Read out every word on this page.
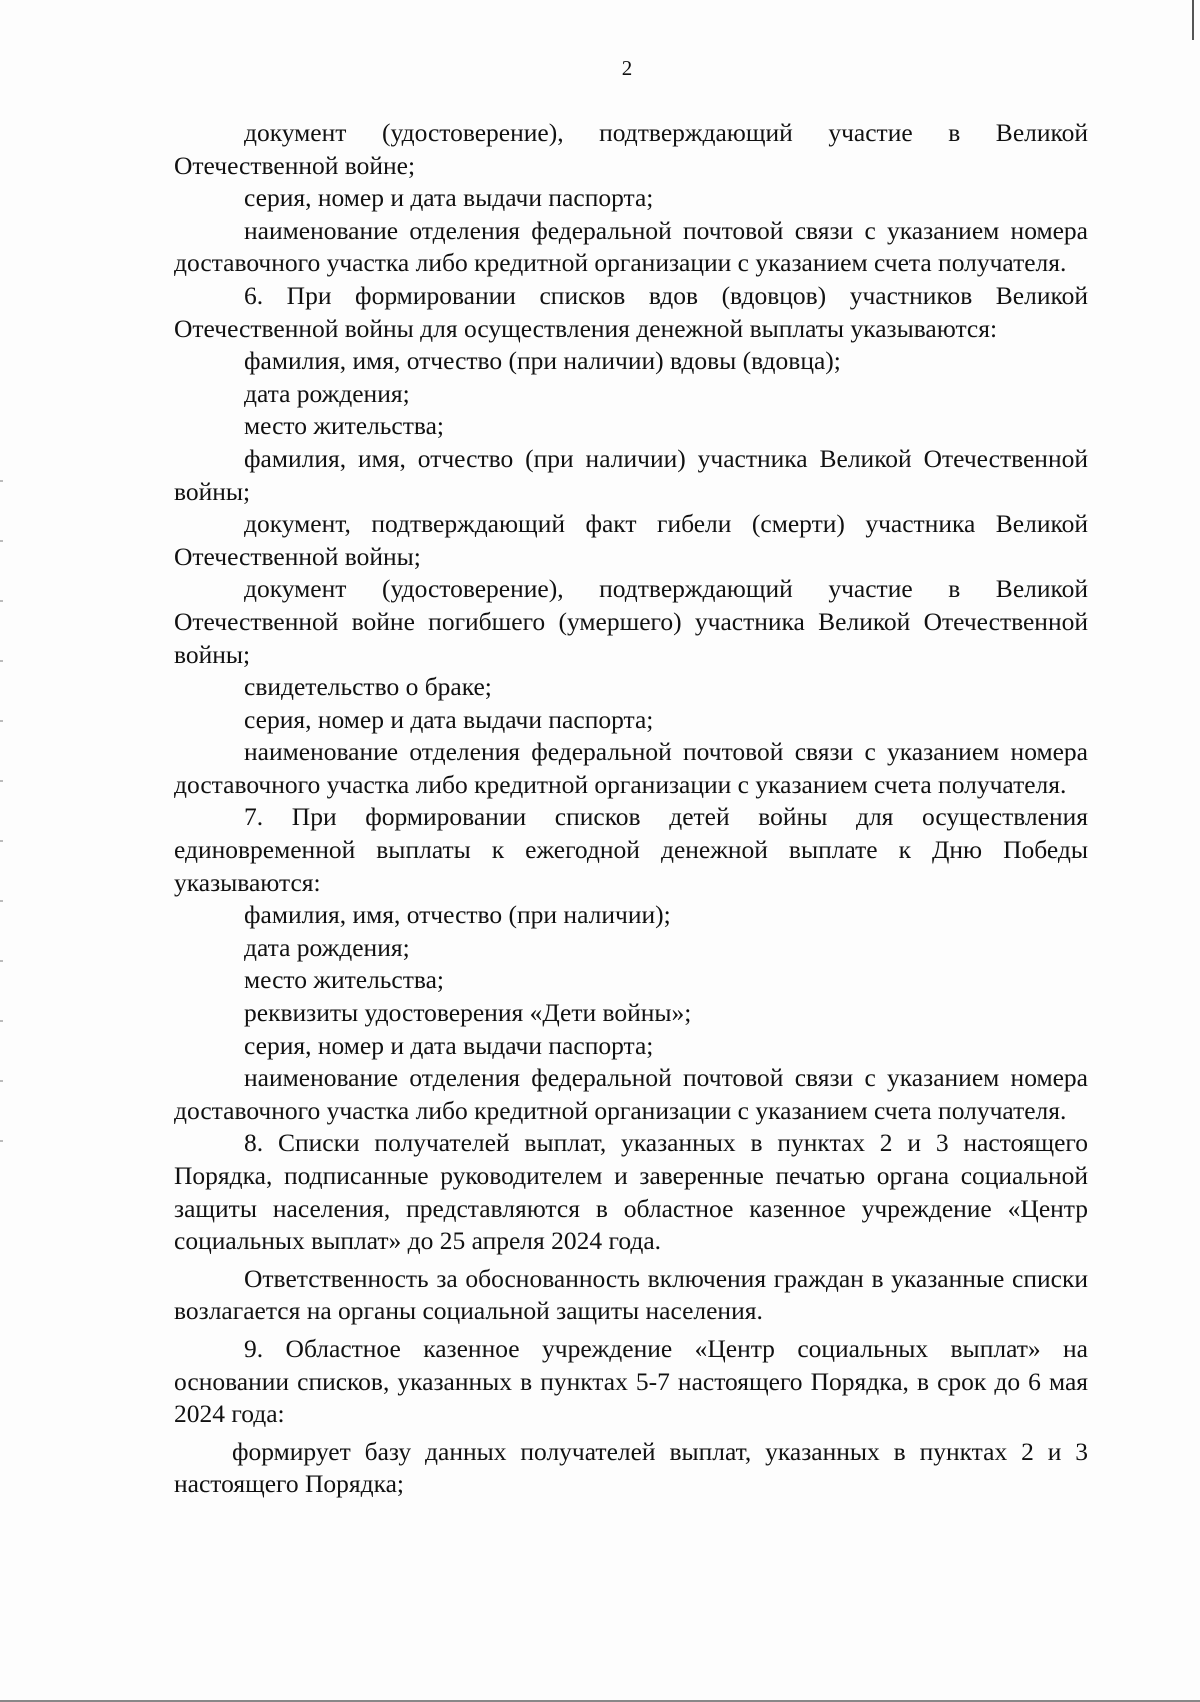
2

документ (удостоверение), подтверждающий участие в Великой Отечественной войне;

серия, номер и дата выдачи паспорта;

наименование отделения федеральной почтовой связи с указанием номера доставочного участка либо кредитной организации с указанием счета получателя.

6. При формировании списков вдов (вдовцов) участников Великой Отечественной войны для осуществления денежной выплаты указываются:

фамилия, имя, отчество (при наличии) вдовы (вдовца);

дата рождения;

место жительства;

фамилия, имя, отчество (при наличии) участника Великой Отечественной войны;

документ, подтверждающий факт гибели (смерти) участника Великой Отечественной войны;

документ (удостоверение), подтверждающий участие в Великой Отечественной войне погибшего (умершего) участника Великой Отечественной войны;

свидетельство о браке;

серия, номер и дата выдачи паспорта;

наименование отделения федеральной почтовой связи с указанием номера доставочного участка либо кредитной организации с указанием счета получателя.

7. При формировании списков детей войны для осуществления единовременной выплаты к ежегодной денежной выплате к Дню Победы указываются:

фамилия, имя, отчество (при наличии);

дата рождения;

место жительства;

реквизиты удостоверения «Дети войны»;

серия, номер и дата выдачи паспорта;

наименование отделения федеральной почтовой связи с указанием номера доставочного участка либо кредитной организации с указанием счета получателя.

8. Списки получателей выплат, указанных в пунктах 2 и 3 настоящего Порядка, подписанные руководителем и заверенные печатью органа социальной защиты населения, представляются в областное казенное учреждение «Центр социальных выплат» до 25 апреля 2024 года.

Ответственность за обоснованность включения граждан в указанные списки возлагается на органы социальной защиты населения.

9. Областное казенное учреждение «Центр социальных выплат» на основании списков, указанных в пунктах 5-7 настоящего Порядка, в срок до 6 мая 2024 года:

формирует базу данных получателей выплат, указанных в пунктах 2 и 3 настоящего Порядка;
